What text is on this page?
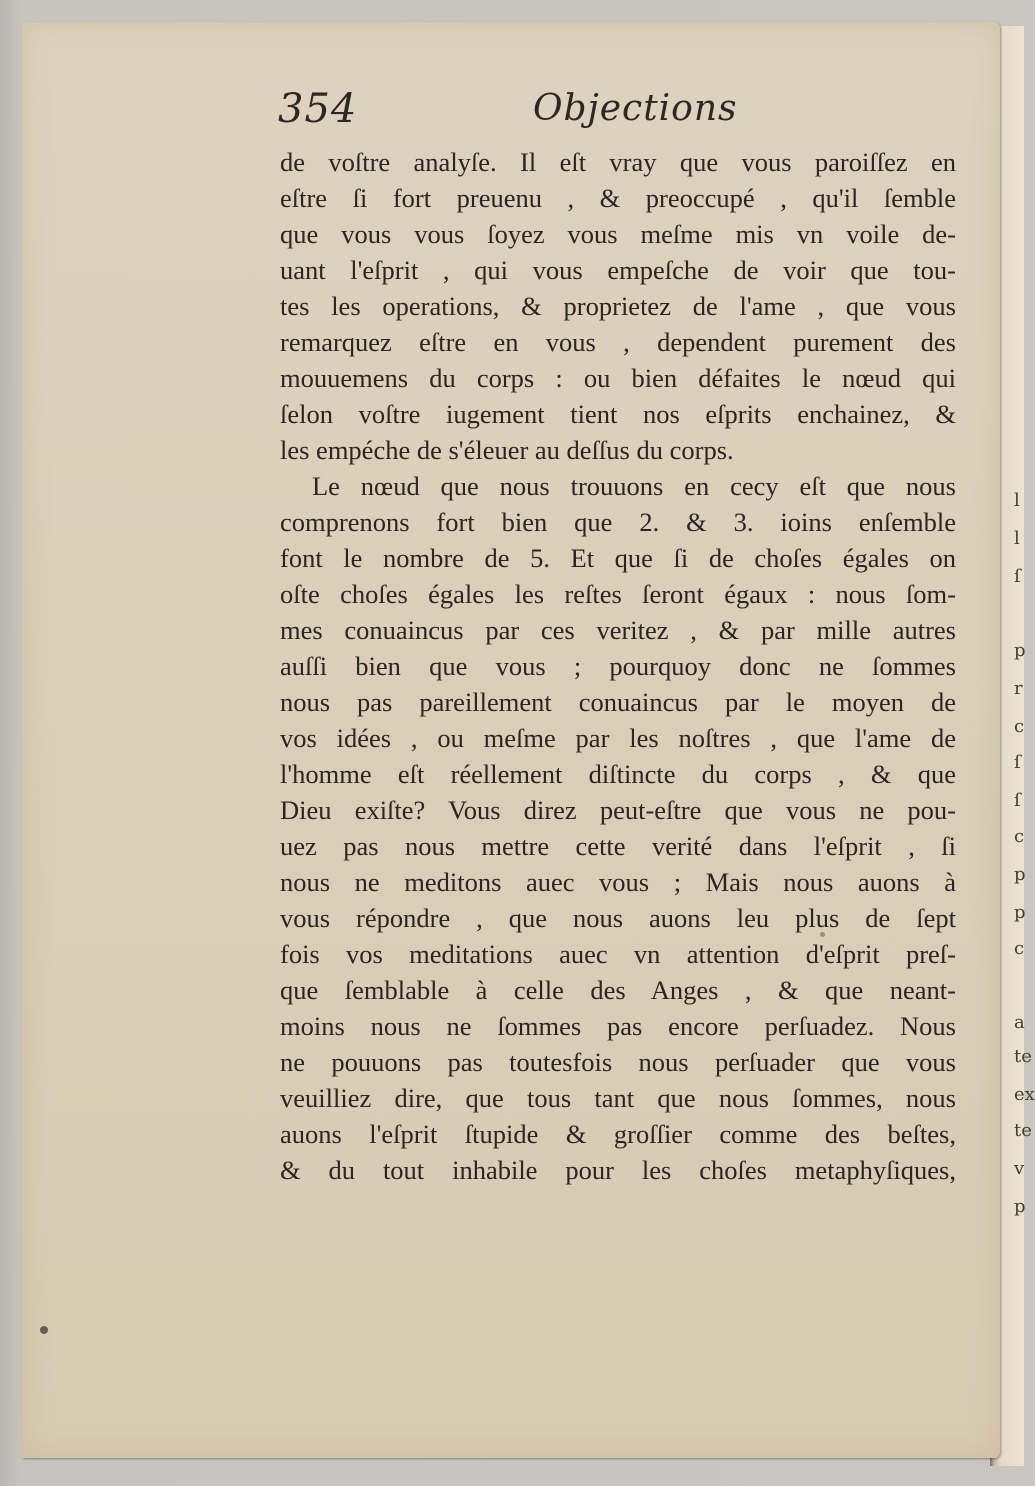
354	Objections
de voſtre analyſe. Il eſt vray que vous paroiſſez en
eſtre ſi fort preuenu , & preoccupé , qu'il ſemble
que vous vous ſoyez vous meſme mis vn voile de-
uant l'eſprit , qui vous empeſche de voir que tou-
tes les operations, & proprietez de l'ame , que vous
remarquez eſtre en vous , dependent purement des
mouuemens du corps : ou bien défaites le nœud qui
ſelon voſtre iugement tient nos eſprits enchainez, &
les empéche de s'éleuer au deſſus du corps.
Le nœud que nous trouuons en cecy eſt que nous
comprenons fort bien que 2. & 3. ioins enſemble
font le nombre de 5. Et que ſi de choſes égales on
oſte choſes égales les reſtes ſeront égaux : nous ſom-
mes conuaincus par ces veritez , & par mille autres
auſſi bien que vous ; pourquoy donc ne ſommes
nous pas pareillement conuaincus par le moyen de
vos idées , ou meſme par les noſtres , que l'ame de
l'homme eſt réellement diſtincte du corps , & que
Dieu exiſte? Vous direz peut-eſtre que vous ne pou-
uez pas nous mettre cette verité dans l'eſprit , ſi
nous ne meditons auec vous ; Mais nous auons à
vous répondre , que nous auons leu plus de ſept
fois vos meditations auec vn attention d'eſprit preſ-
que ſemblable à celle des Anges , & que neant-
moins nous ne ſommes pas encore perſuadez. Nous
ne pouuons pas toutesfois nous perſuader que vous
veuilliez dire, que tous tant que nous ſommes, nous
auons l'eſprit ſtupide & groſſier comme des beſtes,
& du tout inhabile pour les choſes metaphyſiques,
l
l
ſ
p
r
c
ſ
ſ
c
p
p
c
a
te
ex
te
v
p
